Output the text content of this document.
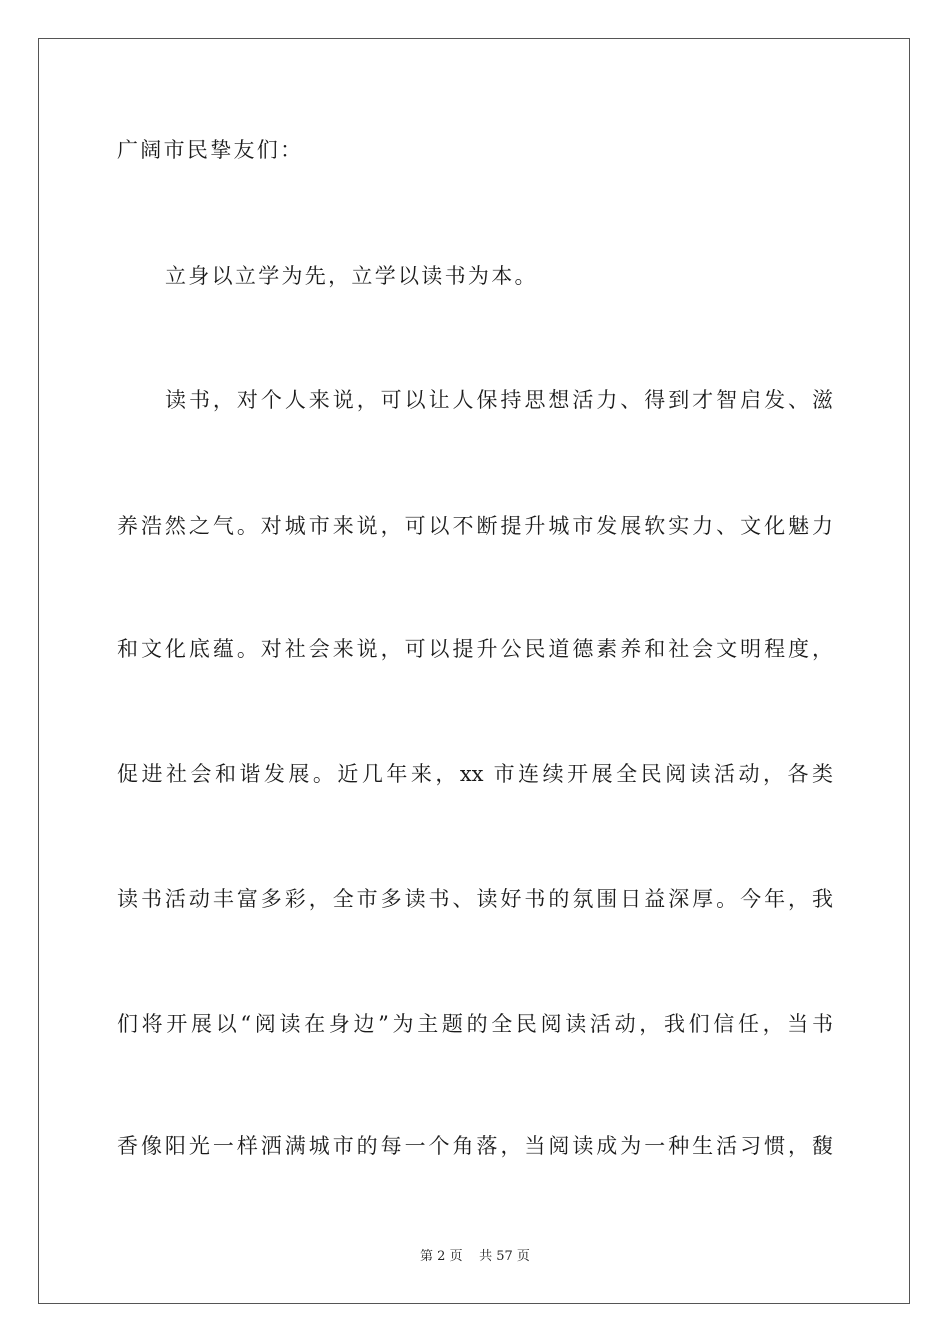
广阔市民挚友们：
立身以立学为先，立学以读书为本。
读书，对个人来说，可以让人保持思想活力、得到才智启发、滋
养浩然之气。对城市来说，可以不断提升城市发展软实力、文化魅力
和文化底蕴。对社会来说，可以提升公民道德素养和社会文明程度，
促进社会和谐发展。近几年来，xx 市连续开展全民阅读活动，各类
读书活动丰富多彩，全市多读书、读好书的氛围日益深厚。今年，我
们将开展以“阅读在身边”为主题的全民阅读活动，我们信任，当书
香像阳光一样洒满城市的每一个角落，当阅读成为一种生活习惯，馥
第 2 页 共 57 页
